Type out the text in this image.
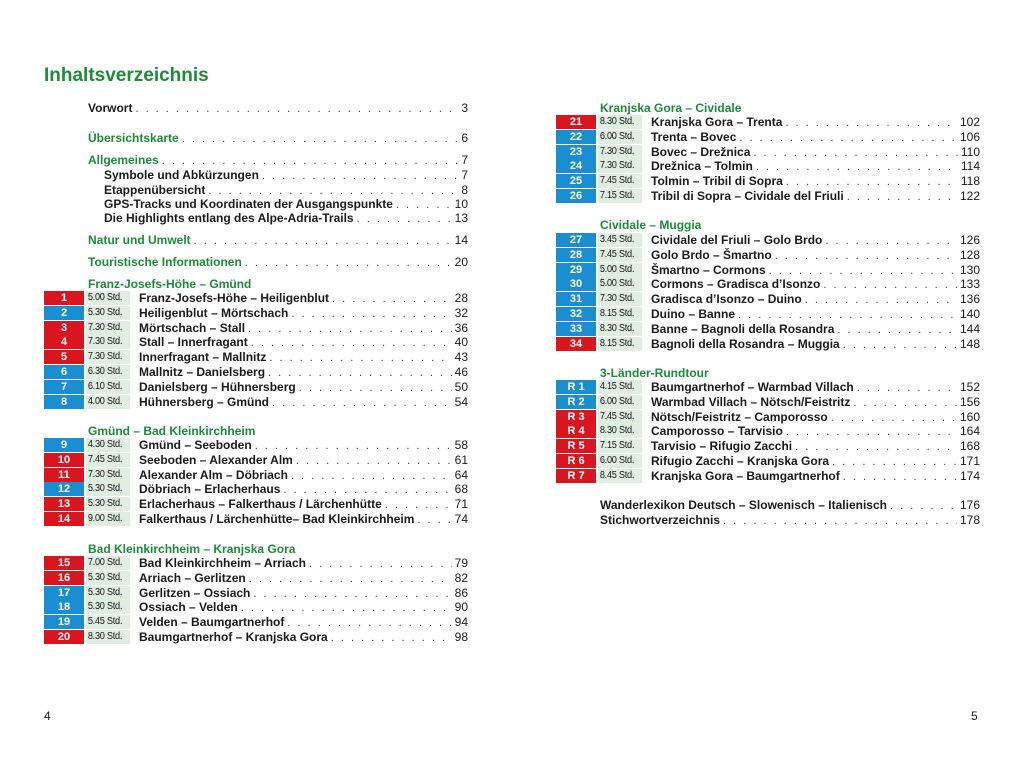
Inhaltsverzeichnis
Vorwort . . .	3
Übersichtskarte . . .	6
Allgemeines . . .	7
Symbole und Abkürzungen . . .	7
Etappenübersicht . . .	8
GPS-Tracks und Koordinaten der Ausgangspunkte . . .	10
Die Highlights entlang des Alpe-Adria-Trails . . .	13
Natur und Umwelt . . .	14
Touristische Informationen . . .	20
Franz-Josefs-Höhe – Gmünd
1	5.00 Std.	Franz-Josefs-Höhe – Heiligenblut . . .	28
2	5.30 Std.	Heiligenblut – Mörtschach . . .	32
3	7.30 Std.	Mörtschach – Stall . . .	36
4	7.30 Std.	Stall – Innerfragant . . .	40
5	7.30 Std.	Innerfragant – Mallnitz . . .	43
6	6.30 Std.	Mallnitz – Danielsberg . . .	46
7	6.10 Std.	Danielsberg – Hühnersberg . . .	50
8	4.00 Std.	Hühnersberg – Gmünd . . .	54
Gmünd – Bad Kleinkirchheim
9	4.30 Std.	Gmünd – Seeboden . . .	58
10	7.45 Std.	Seeboden – Alexander Alm . . .	61
11	7.30 Std.	Alexander Alm – Döbriach . . .	64
12	5.30 Std.	Döbriach – Erlacherhaus . . .	68
13	5.30 Std.	Erlacherhaus – Falkerthaus / Lärchenhütte . . .	71
14	9.00 Std.	Falkerthaus / Lärchenhütte– Bad Kleinkirchheim . . .	74
Bad Kleinkirchheim – Kranjska Gora
15	7.00 Std.	Bad Kleinkirchheim – Arriach . . .	79
16	5.30 Std.	Arriach – Gerlitzen . . .	82
17	5.30 Std.	Gerlitzen – Ossiach . . .	86
18	5.30 Std.	Ossiach – Velden . . .	90
19	5.45 Std.	Velden – Baumgartnerhof . . .	94
20	8.30 Std.	Baumgartnerhof – Kranjska Gora . . .	98
Kranjska Gora – Cividale
21	8.30 Std.	Kranjska Gora – Trenta . . .	102
22	6.00 Std.	Trenta – Bovec . . .	106
23	7.30 Std.	Bovec – Drežnica . . .	110
24	7.30 Std.	Drežnica – Tolmin . . .	114
25	7.45 Std.	Tolmin – Tribil di Sopra . . .	118
26	7.15 Std.	Tribil di Sopra – Cividale del Friuli . . .	122
Cividale – Muggia
27	3.45 Std.	Cividale del Friuli – Golo Brdo . . .	126
28	7.45 Std.	Golo Brdo – Šmartno . . .	128
29	5.00 Std.	Šmartno – Cormons . . .	130
30	5.00 Std.	Cormons – Gradisca d’Isonzo . . .	133
31	7.30 Std.	Gradisca d’Isonzo – Duino . . .	136
32	8.15 Std.	Duino – Banne . . .	140
33	8.30 Std.	Banne – Bagnoli della Rosandra . . .	144
34	8.15 Std.	Bagnoli della Rosandra – Muggia . . .	148
3-Länder-Rundtour
R 1	4.15 Std.	Baumgartnerhof – Warmbad Villach . . .	152
R 2	6.00 Std.	Warmbad Villach – Nötsch/Feistritz . . .	156
R 3	7.45 Std.	Nötsch/Feistritz – Camporosso . . .	160
R 4	8.30 Std.	Camporosso – Tarvisio . . .	164
R 5	7.15 Std.	Tarvisio – Rifugio Zacchi . . .	168
R 6	6.00 Std.	Rifugio Zacchi – Kranjska Gora . . .	171
R 7	8.45 Std.	Kranjska Gora – Baumgartnerhof . . .	174
Wanderlexikon Deutsch – Slowenisch – Italienisch . . .	176
Stichwortverzeichnis . . .	178
4	5
